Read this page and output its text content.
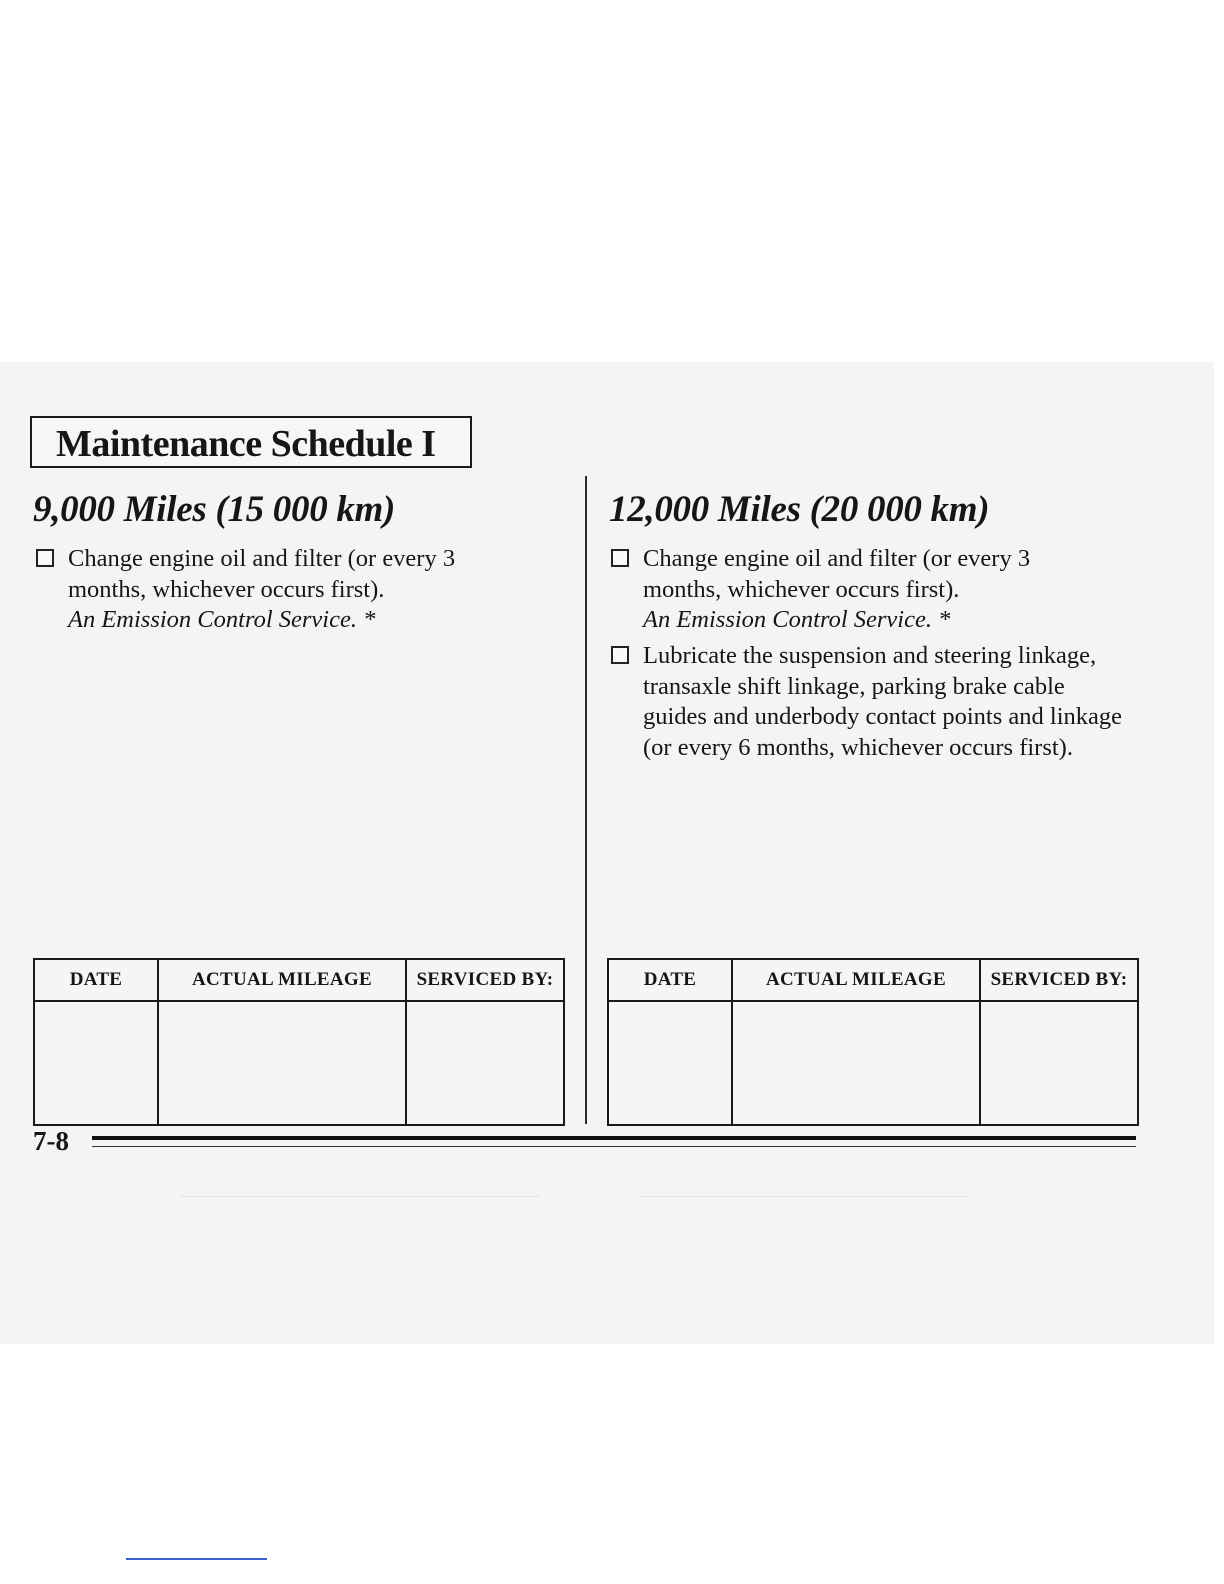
Maintenance Schedule I
9,000 Miles (15 000 km)
Change engine oil and filter (or every 3 months, whichever occurs first).
An Emission Control Service. *
DATE	ACTUAL MILEAGE	SERVICED BY:

12,000 Miles (20 000 km)
Change engine oil and filter (or every 3 months, whichever occurs first).
An Emission Control Service. *
Lubricate the suspension and steering linkage, transaxle shift linkage, parking brake cable guides and underbody contact points and linkage (or every 6 months, whichever occurs first).
DATE	ACTUAL MILEAGE	SERVICED BY:

7-8
